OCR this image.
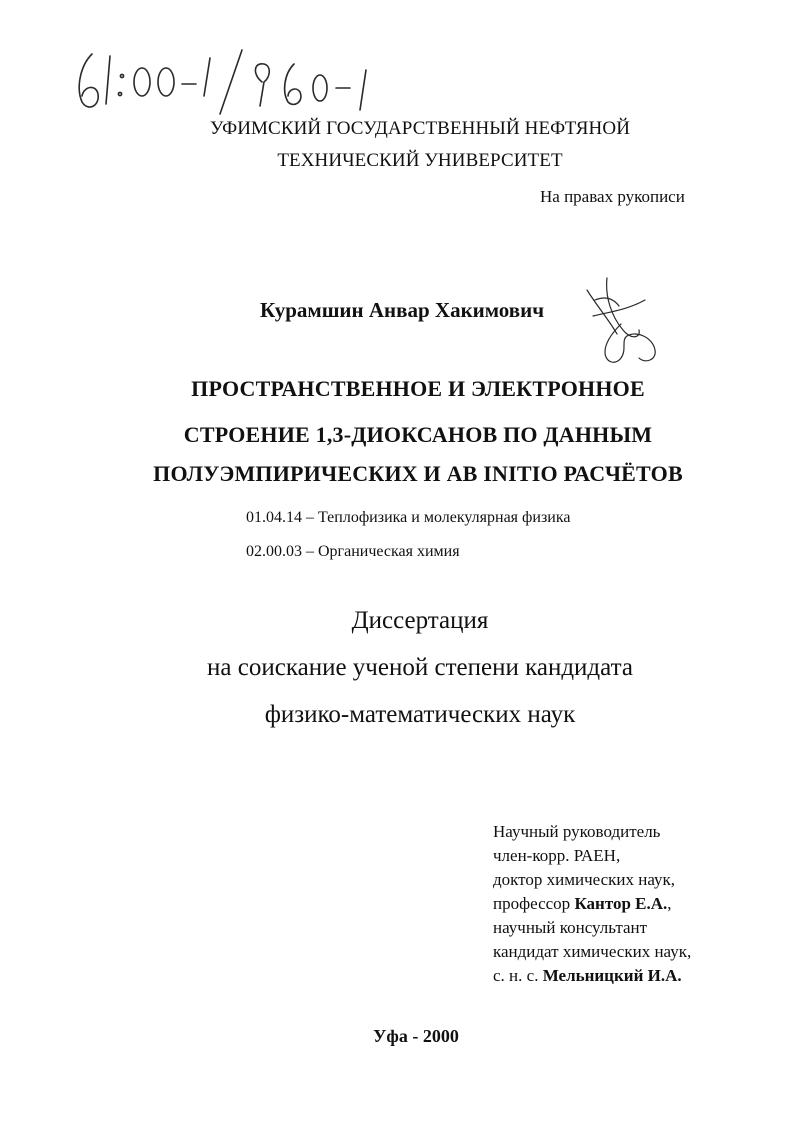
61:00-1/960-1
УФИМСКИЙ ГОСУДАРСТВЕННЫЙ НЕФТЯНОЙ
ТЕХНИЧЕСКИЙ УНИВЕРСИТЕТ
На правах рукописи
Курамшин Анвар Хакимович
ПРОСТРАНСТВЕННОЕ И ЭЛЕКТРОННОЕ
СТРОЕНИЕ 1,3-ДИОКСАНОВ ПО ДАННЫМ
ПОЛУЭМПИРИЧЕСКИХ И AB INITIO РАСЧЁТОВ
01.04.14 – Теплофизика и молекулярная физика
02.00.03 – Органическая химия
Диссертация
на соискание ученой степени кандидата
физико-математических наук
Научный руководитель
член-корр. РАЕН,
доктор химических наук,
профессор Кантор Е.А.,
научный консультант
кандидат химических наук,
с. н. с. Мельницкий И.А.
Уфа - 2000
